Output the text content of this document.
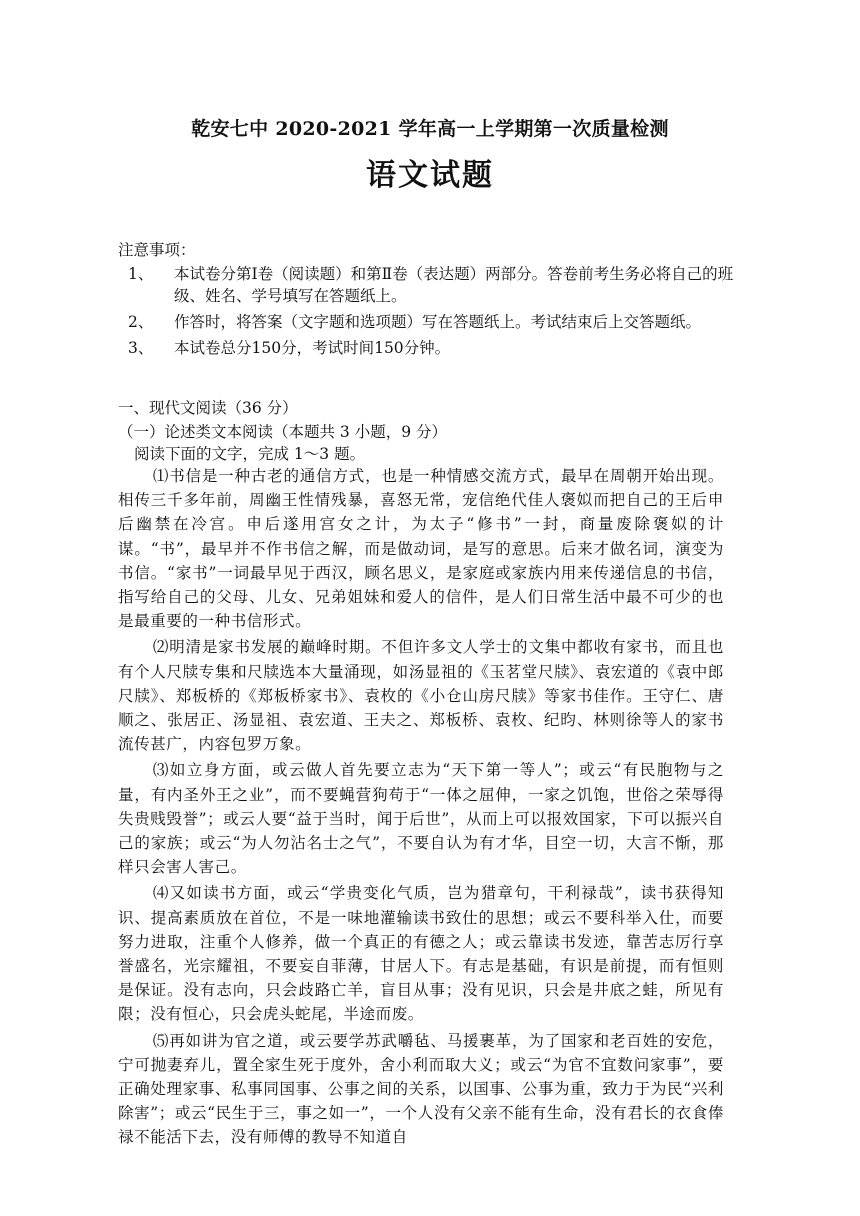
乾安七中 2020-2021 学年高一上学期第一次质量检测
语文试题
注意事项：
1、 本试卷分第Ⅰ卷（阅读题）和第Ⅱ卷（表达题）两部分。答卷前考生务必将自己的班级、姓名、学号填写在答题纸上。
2、 作答时，将答案（文字题和选项题）写在答题纸上。考试结束后上交答题纸。
3、 本试卷总分150分，考试时间150分钟。
一、现代文阅读（36 分）
（一）论述类文本阅读（本题共 3 小题，9 分）
阅读下面的文字，完成 1～3 题。

⑴书信是一种古老的通信方式，也是一种情感交流方式，最早在周朝开始出现。相传三千多年前，周幽王性情残暴，喜怒无常，宠信绝代佳人褒姒而把自己的王后申后幽禁在冷宫。申后遂用宫女之计，为太子“修书”一封，商量废除褒姒的计谋。“书”，最早并不作书信之解，而是做动词，是写的意思。后来才做名词，演变为书信。“家书”一词最早见于西汉，顾名思义，是家庭或家族内用来传递信息的书信，指写给自己的父母、儿女、兄弟姐妹和爱人的信件，是人们日常生活中最不可少的也是最重要的一种书信形式。

⑵明清是家书发展的巅峰时期。不但许多文人学士的文集中都收有家书，而且也有个人尺牍专集和尺牍选本大量涌现，如汤显祖的《玉茗堂尺牍》、袁宏道的《袁中郎尺牍》、郑板桥的《郑板桥家书》、袁枚的《小仓山房尺牍》等家书佳作。王守仁、唐顺之、张居正、汤显祖、袁宏道、王夫之、郑板桥、袁枚、纪昀、林则徐等人的家书流传甚广，内容包罗万象。

⑶如立身方面，或云做人首先要立志为“天下第一等人”；或云“有民胞物与之量，有内圣外王之业”，而不要蝇营狗苟于“一体之屈伸，一家之饥饱，世俗之荣辱得失贵贱毁誉”；或云人要“益于当时，闻于后世”，从而上可以报效国家，下可以振兴自己的家族；或云“为人勿沾名士之气”，不要自认为有才华，目空一切，大言不惭，那样只会害人害己。

⑷又如读书方面，或云“学贵变化气质，岂为猎章句，干利禄哉”，读书获得知识、提高素质放在首位，不是一味地灌输读书致仕的思想；或云不要科举入仕，而要努力进取，注重个人修养，做一个真正的有德之人；或云靠读书发迹，靠苦志厉行享誉盛名，光宗耀祖，不要妄自菲薄，甘居人下。有志是基础，有识是前提，而有恒则是保证。没有志向，只会歧路亡羊，盲目从事；没有见识，只会是井底之蛙，所见有限；没有恒心，只会虎头蛇尾，半途而废。

⑸再如讲为官之道，或云要学苏武嚼毡、马援裹革，为了国家和老百姓的安危，宁可抛妻弃儿，置全家生死于度外，舍小利而取大义；或云“为官不宜数问家事”，要正确处理家事、私事同国事、公事之间的关系，以国事、公事为重，致力于为民“兴利除害”；或云“民生于三，事之如一”，一个人没有父亲不能有生命，没有君长的衣食俸禄不能活下去，没有师傅的教导不知道自
